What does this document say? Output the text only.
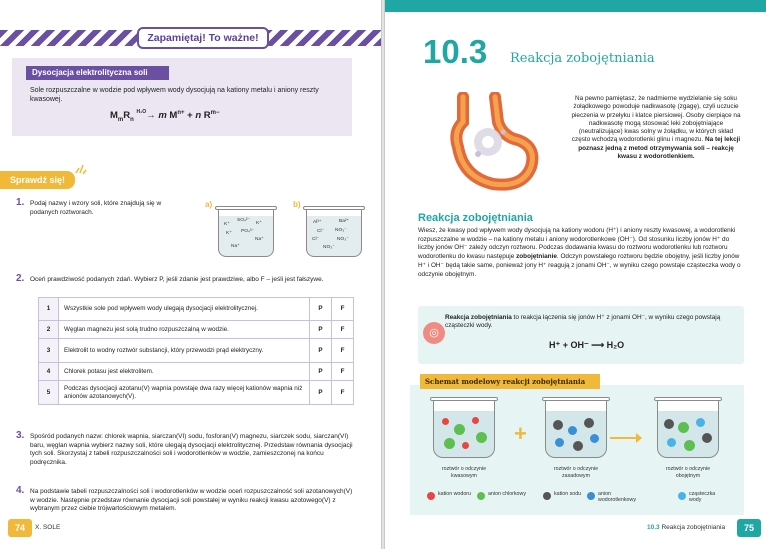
Zapamiętaj! To ważne!
Dysocjacja elektrolityczna soli
Sole rozpuszczalne w wodzie pod wpływem wody dysocjują na kationy metalu i aniony reszty kwasowej.
$M_mR_n$ $^{H_2O}$→ m $M^{n+} + n$ $R^{m-}$
Sprawdź się!
1. Podaj nazwy i wzory soli, które znajdują się w podanych roztworach.
a)	b)
K⁺
SO₄²⁻
K⁺
K⁺ PO₄³⁻
Na⁺
Na⁺
Al³⁺	Ba²⁺
Cl⁻ NO₃⁻
Cl⁻	NO₃⁻
NO₃⁻
2. Oceń prawdziwość podanych zdań. Wybierz P, jeśli zdanie jest prawdziwe, albo F – jeśli jest fałszywe.
1	Wszystkie sole pod wpływem wody ulegają dysocjacji elektrolitycznej.	P	F
2	Węglan magnezu jest solą trudno rozpuszczalną w wodzie.	P	F
3	Elektrolit to wodny roztwór substancji, który przewodzi prąd elektryczny.	P	F
4	Chlorek potasu jest elektrolitem.	P	F
5	Podczas dysocjacji azotanu(V) wapnia powstaje dwa razy więcej kationów wapnia niż anionów azotanowych(V).	P	F
3. Spośród podanych nazw: chlorek wapnia, siarczan(VI) sodu, fosforan(V) magnezu, siarczek sodu, siarczan(VI) baru, węglan wapnia wybierz nazwy soli, które ulegają dysocjacji elektrolitycznej. Przedstaw równania dysocjacji tych soli. Skorzystaj z tabeli rozpuszczalności soli i wodorotlenków w wodzie, zamieszczonej na końcu podręcznika.
4. Na podstawie tabeli rozpuszczalności soli i wodorotlenków w wodzie oceń rozpuszczalność soli azotanowych(V) w wodzie. Następnie przedstaw równanie dysocjacji soli powstałej w wyniku reakcji kwasu azotowego(V) z wybranym przez ciebie trójwartościowym metalem.
74	X. SOLE
10.3 Reakcja zobojętniania
Na pewno pamiętasz, że nadmierne wydzielanie się soku żołądkowego powoduje nadkwasotę (zgagę), czyli uczucie pieczenia w przełyku i klatce piersiowej. Osoby cierpiące na nadkwasotę mogą stosować leki zobojętniające (neutralizujące) kwas solny w żołądku, w których skład często wchodzą wodorotlenki glinu i magnezu. Na tej lekcji poznasz jedną z metod otrzymywania soli – reakcję kwasu z wodorotlenkiem.
Reakcja zobojętniania
Wiesz, że kwasy pod wpływem wody dysocjują na kationy wodoru (H⁺) i aniony reszty kwasowej, a wodorotlenki rozpuszczalne w wodzie – na kationy metalu i aniony wodorotlenkowe (OH⁻). Od stosunku liczby jonów H⁺ do liczby jonów OH⁻ zależy odczyn roztworu. Podczas dodawania kwasu do roztworu wodorotlenku lub roztworu wodorotlenku do kwasu następuje zobojętnianie. Odczyn powstałego roztworu będzie obojętny, jeśli liczby jonów H⁺ i OH⁻ będą takie same, ponieważ jony H⁺ reagują z jonami OH⁻, w wyniku czego powstaje cząsteczka wody o odczynie obojętnym.
◎
Reakcja zobojętniania to reakcja łączenia się jonów H⁺ z jonami OH⁻, w wyniku czego powstają cząsteczki wody.
H⁺ + OH⁻ ⟶ H₂O
Schemat modelowy reakcji zobojętniania
+
roztwór o odczynie kwasowym
roztwór o odczynie zasadowym
roztwór o odczynie obojętnym
kation wodoru	anion chlorkowy	kation sodu	anion wodorotlenkowy
cząsteczka wody
10.3 Reakcja zobojętniania	75
